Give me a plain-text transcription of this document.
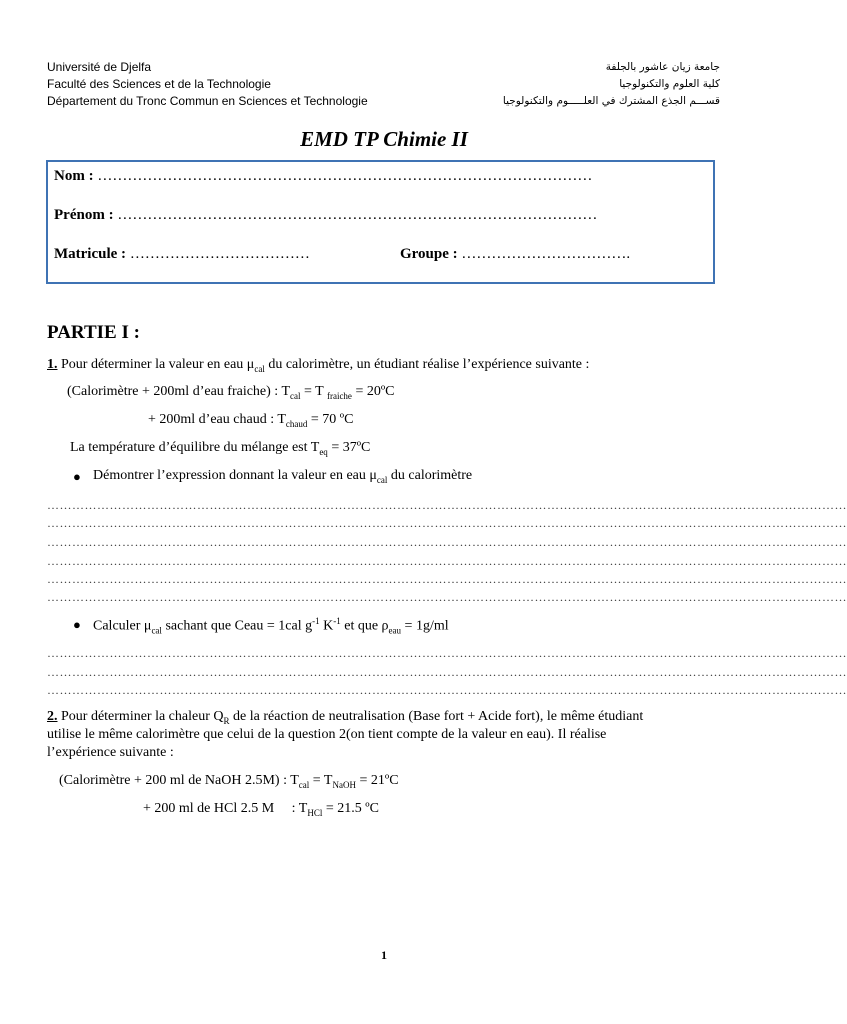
Université de Djelfa
Faculté des Sciences et de la Technologie
Département du Tronc Commun en Sciences et Technologie
جامعة زيان عاشور بالجلفة
كلية العلوم والتكنولوجيا
قســـم الجذع المشترك في العلـــــوم والتكنولوجيا
EMD TP Chimie II
Nom : ………………………………………………………………………………………
Prénom : ……………………………………………………………………………………
Matricule : ………………………………	Groupe : …………………………….
PARTIE I :
1. Pour déterminer la valeur en eau $\mu_{cal}$ du calorimètre, un étudiant réalise l’expérience suivante :
(Calorimètre + 200ml d’eau fraiche) : $T_{cal} = T$ $_{fraiche}$ = 20ºC
+ 200ml d’eau chaud : $T_{chaud} = 70$ ºC
La température d’équilibre du mélange est $T_{eq}$ = 37ºC
● Démontrer l’expression donnant la valeur en eau $\mu_{cal}$ du calorimètre
…………………………………………………………………………………………………………………………………………………………………………
…………………………………………………………………………………………………………………………………………………………………………
…………………………………………………………………………………………………………………………………………………………………………
…………………………………………………………………………………………………………………………………………………………………………
…………………………………………………………………………………………………………………………………………………………………………
…………………………………………………………………………………………………………………………………………………………………………
● Calculer $\mu_{cal}$ sachant que Ceau = 1cal $g^{-1}$ $K^{-1}$ et que $\rho_{eau} = 1g/ml$
…………………………………………………………………………………………………………………………………………………………………………
…………………………………………………………………………………………………………………………………………………………………………
…………………………………………………………………………………………………………………………………………………………………………
2. Pour déterminer la chaleur $Q_R$ de la réaction de neutralisation (Base fort + Acide fort), le même étudiant
utilise le même calorimètre que celui de la question 2(on tient compte de la valeur en eau). Il réalise
l’expérience suivante :
(Calorimètre + 200 ml de NaOH 2.5M) : $T_{cal} = T_{NaOH}$ = 21ºC
+ 200 ml de HCl 2.5 M     : $T_{HCl} = 21.5$ ºC
1
